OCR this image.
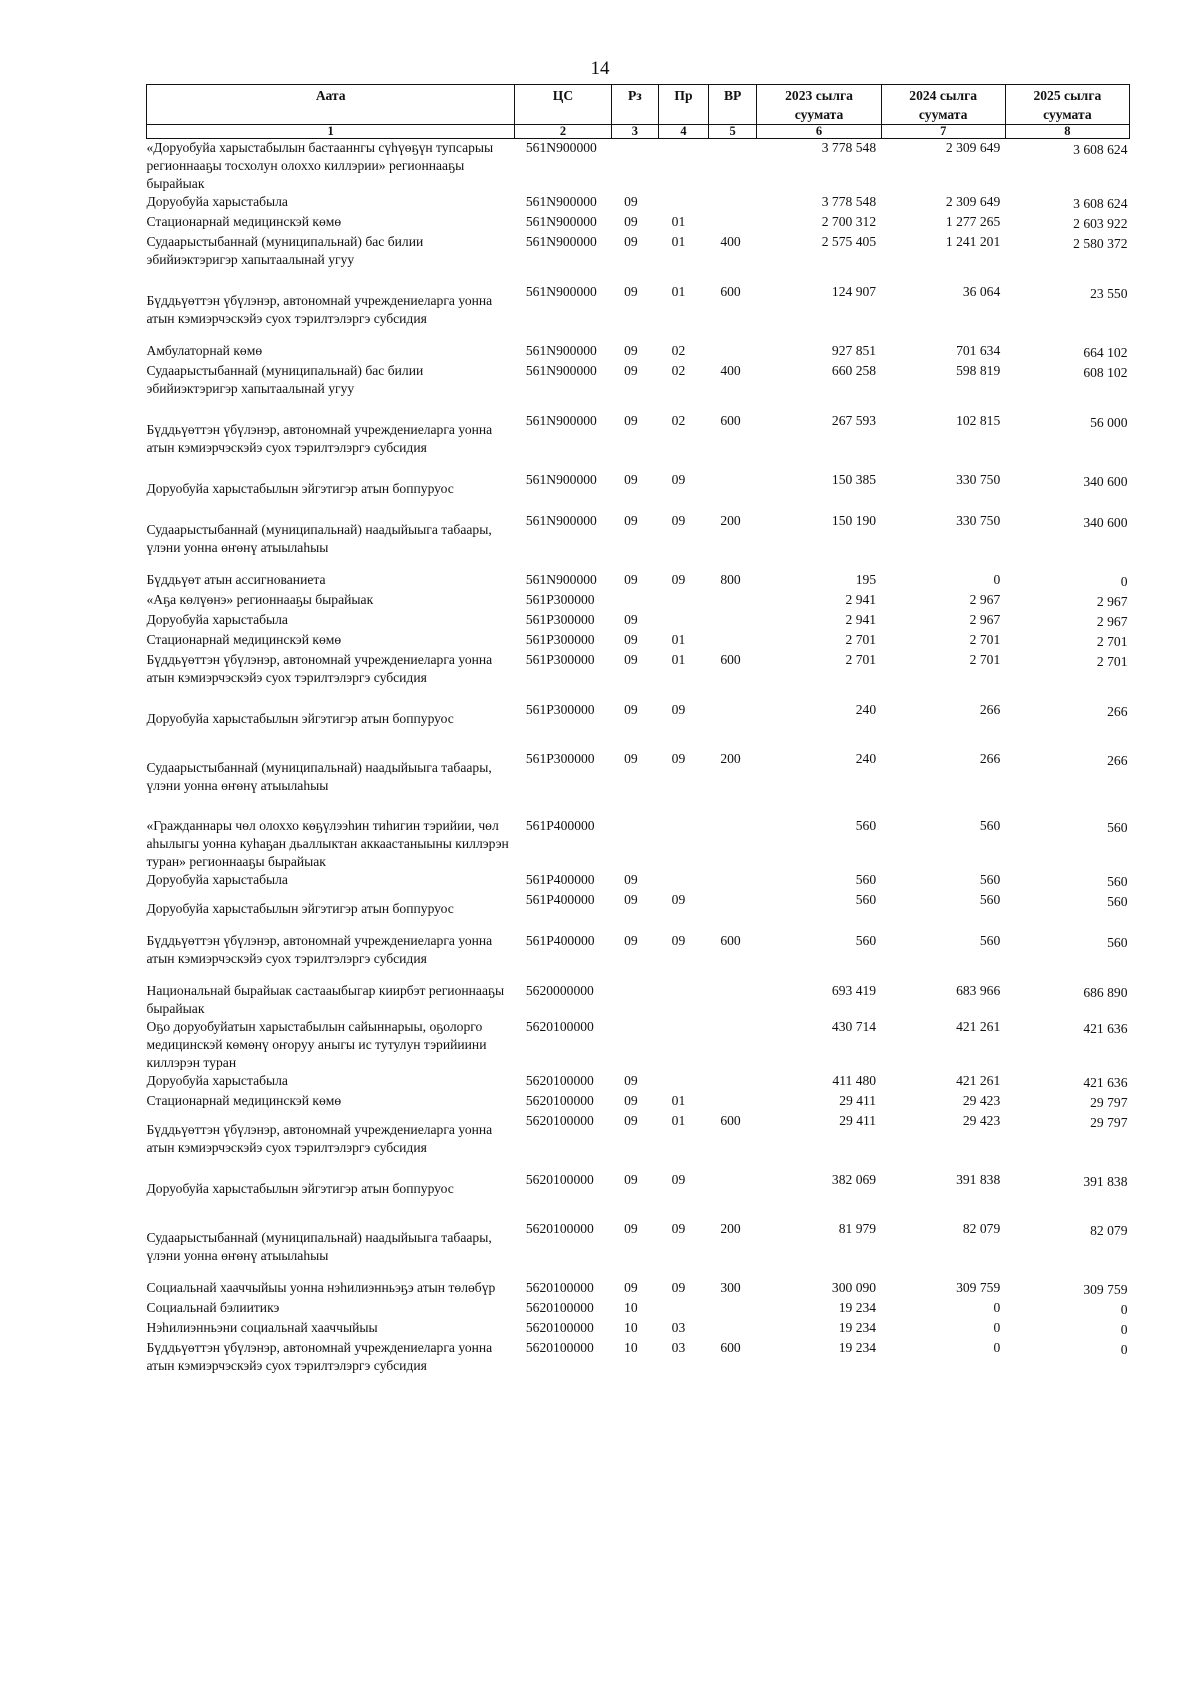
14
Аата	ЦС	Рз	Пр	ВР	2023 сылга суумата	2024 сылга суумата	2025 сылга суумата
1	2	3	4	5	6	7	8
«Доруобуйа харыстабылын бастааннгы сүһүөҕүн тупсарыы регионнааҕы тосхолун олоххо киллэрии» регионнааҕы бырайыак	561N900000				3 778 548	2 309 649	3 608 624
Доруобуйа харыстабыла	561N900000	09			3 778 548	2 309 649	3 608 624
Стационарнай медицинскэй көмө	561N900000	09	01		2 700 312	1 277 265	2 603 922
Судаарыстыбаннай (муниципальнай) бас билии эбийиэктэригэр хапытаалынай угуу	561N900000	09	01	400	2 575 405	1 241 201	2 580 372
Бүддьүөттэн үбүлэнэр, автономнай учреждениеларга уонна атын кэмиэрчэскэйэ суох тэрилтэлэргэ субсидия	561N900000	09	01	600	124 907	36 064	23 550
Амбулаторнай көмө	561N900000	09	02		927 851	701 634	664 102
Судаарыстыбаннай (муниципальнай) бас билии эбийиэктэригэр хапытаалынай угуу	561N900000	09	02	400	660 258	598 819	608 102
Бүддьүөттэн үбүлэнэр, автономнай учреждениеларга уонна атын кэмиэрчэскэйэ суох тэрилтэлэргэ субсидия	561N900000	09	02	600	267 593	102 815	56 000
Доруобуйа харыстабылын эйгэтигэр атын боппуруос	561N900000	09	09		150 385	330 750	340 600
Судаарыстыбаннай (муниципальнай) наадыйыыга табаары, үлэни уонна өҥөнү атыылаһыы	561N900000	09	09	200	150 190	330 750	340 600
Бүддьүөт атын ассигнованиета	561N900000	09	09	800	195	0	0
«Аҕа көлүөнэ» регионнааҕы бырайыак	561P300000				2 941	2 967	2 967
Доруобуйа харыстабыла	561P300000	09			2 941	2 967	2 967
Стационарнай медицинскэй көмө	561P300000	09	01		2 701	2 701	2 701
Бүддьүөттэн үбүлэнэр, автономнай учреждениеларга уонна атын кэмиэрчэскэйэ суох тэрилтэлэргэ субсидия	561P300000	09	01	600	2 701	2 701	2 701
Доруобуйа харыстабылын эйгэтигэр атын боппуруос	561P300000	09	09		240	266	266
Судаарыстыбаннай (муниципальнай) наадыйыыга табаары, үлэни уонна өҥөнү атыылаһыы	561P300000	09	09	200	240	266	266
«Гражданнары чөл олоххо көҕүлээһин тиһигин тэрийии, чөл аһылыгы уонна куһаҕан дьаллыктан аккаастаныыны киллэрэн туран» регионнааҕы бырайыак	561P400000				560	560	560
Доруобуйа харыстабыла	561P400000	09			560	560	560
Доруобуйа харыстабылын эйгэтигэр атын боппуруос	561P400000	09	09		560	560	560
Бүддьүөттэн үбүлэнэр, автономнай учреждениеларга уонна атын кэмиэрчэскэйэ суох тэрилтэлэргэ субсидия	561P400000	09	09	600	560	560	560
Национальнай бырайыак састааыбыгар киирбэт регионнааҕы бырайыак	5620000000				693 419	683 966	686 890
Оҕо доруобуйатын харыстабылын сайыннарыы, оҕолорго медицинскэй көмөнү оҥоруу аныгы ис тутулун тэрийиини киллэрэн туран	5620100000				430 714	421 261	421 636
Доруобуйа харыстабыла	5620100000	09			411 480	421 261	421 636
Стационарнай медицинскэй көмө	5620100000	09	01		29 411	29 423	29 797
Бүддьүөттэн үбүлэнэр, автономнай учреждениеларга уонна атын кэмиэрчэскэйэ суох тэрилтэлэргэ субсидия	5620100000	09	01	600	29 411	29 423	29 797
Доруобуйа харыстабылын эйгэтигэр атын боппуруос	5620100000	09	09		382 069	391 838	391 838
Судаарыстыбаннай (муниципальнай) наадыйыыга табаары, үлэни уонна өҥөнү атыылаһыы	5620100000	09	09	200	81 979	82 079	82 079
Социальнай хааччыйыы уонна нэһилиэнньэҕэ атын төлөбүр	5620100000	09	09	300	300 090	309 759	309 759
Социальнай бэлиитикэ	5620100000	10			19 234	0	0
Нэһилиэнньэни социальнай хааччыйыы	5620100000	10	03		19 234	0	0
Бүддьүөттэн үбүлэнэр, автономнай учреждениеларга уонна атын кэмиэрчэскэйэ суох тэрилтэлэргэ субсидия	5620100000	10	03	600	19 234	0	0
